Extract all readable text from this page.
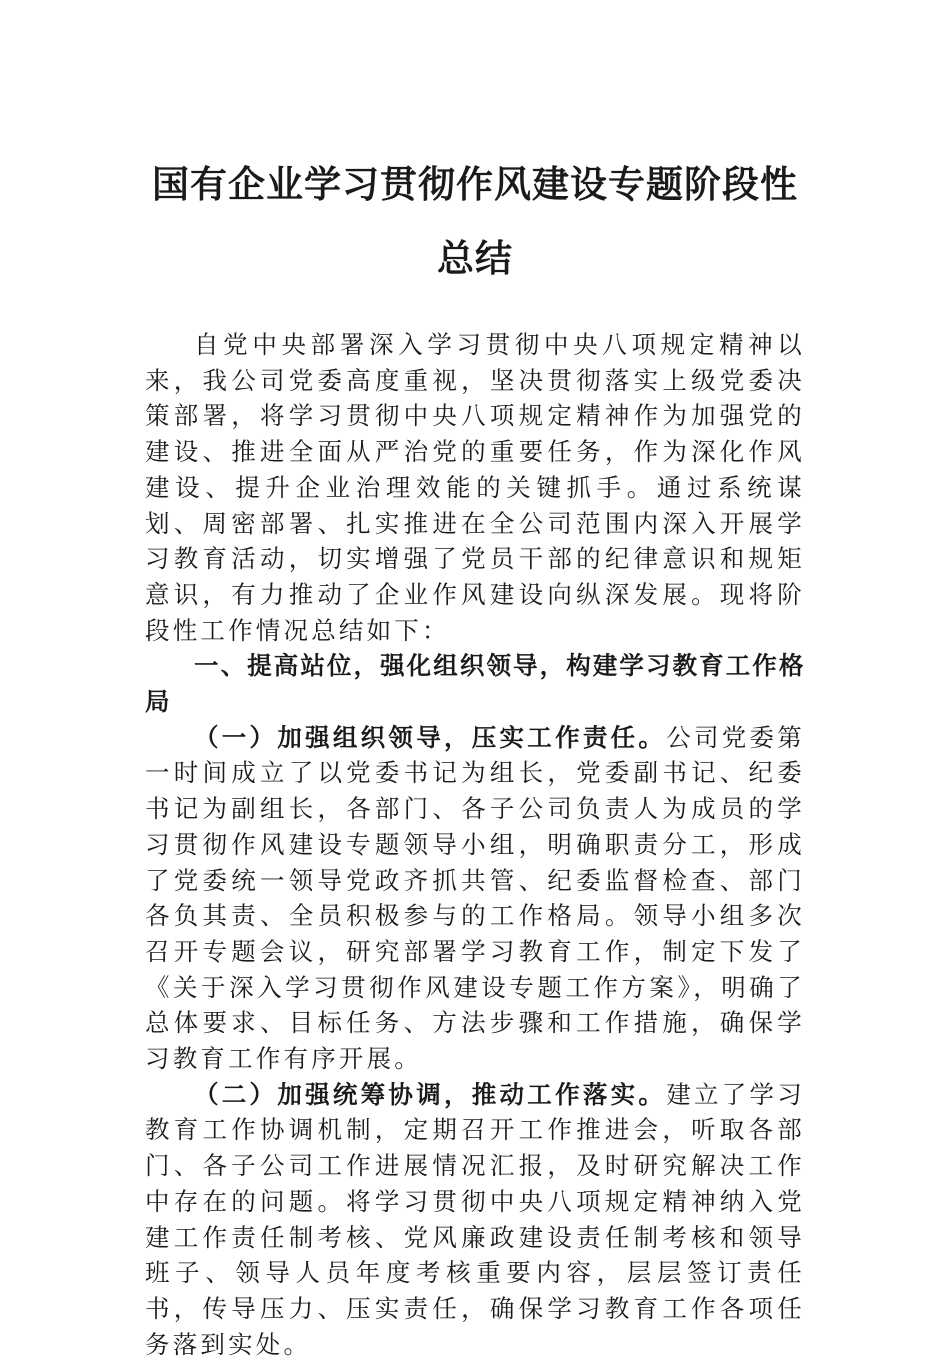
国有企业学习贯彻作风建设专题阶段性总结

自党中央部署深入学习贯彻中央八项规定精神以来，我公司党委高度重视，坚决贯彻落实上级党委决策部署，将学习贯彻中央八项规定精神作为加强党的建设、推进全面从严治党的重要任务，作为深化作风建设、提升企业治理效能的关键抓手。通过系统谋划、周密部署、扎实推进在全公司范围内深入开展学习教育活动，切实增强了党员干部的纪律意识和规矩意识，有力推动了企业作风建设向纵深发展。现将阶段性工作情况总结如下：

一、提高站位，强化组织领导，构建学习教育工作格局

（一）加强组织领导，压实工作责任。公司党委第一时间成立了以党委书记为组长，党委副书记、纪委书记为副组长，各部门、各子公司负责人为成员的学习贯彻作风建设专题领导小组，明确职责分工，形成了党委统一领导党政齐抓共管、纪委监督检查、部门各负其责、全员积极参与的工作格局。领导小组多次召开专题会议，研究部署学习教育工作，制定下发了《关于深入学习贯彻作风建设专题工作方案》，明确了总体要求、目标任务、方法步骤和工作措施，确保学习教育工作有序开展。

（二）加强统筹协调，推动工作落实。建立了学习教育工作协调机制，定期召开工作推进会，听取各部门、各子公司工作进展情况汇报，及时研究解决工作中存在的问题。将学习贯彻中央八项规定精神纳入党建工作责任制考核、党风廉政建设责任制考核和领导班子、领导人员年度考核重要内容，层层签订责任书，传导压力、压实责任，确保学习教育工作各项任务落到实处。
